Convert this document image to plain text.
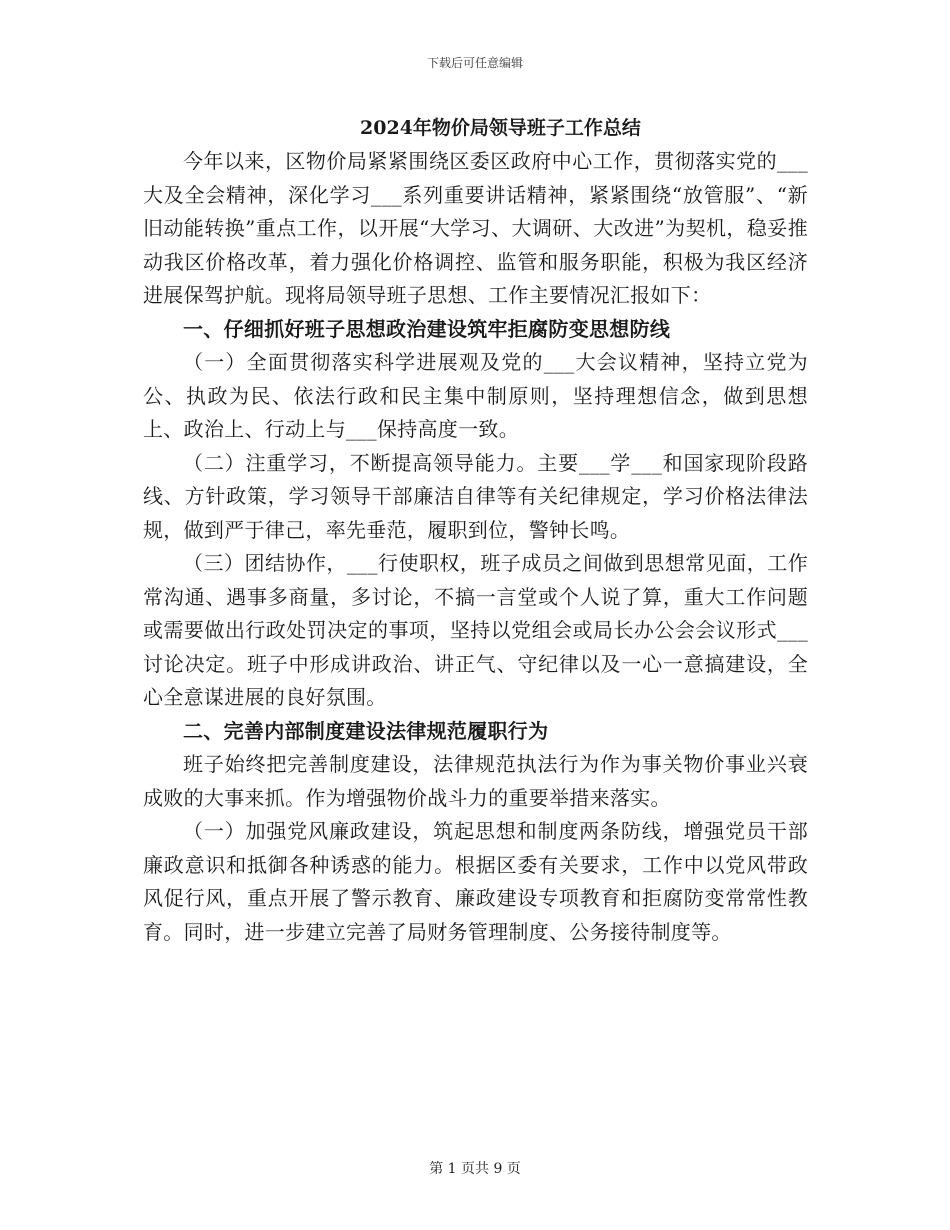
下载后可任意编辑
2024年物价局领导班子工作总结

今年以来，区物价局紧紧围绕区委区政府中心工作，贯彻落实党的___大及全会精神，深化学习___系列重要讲话精神，紧紧围绕“放管服”、“新旧动能转换”重点工作，以开展“大学习、大调研、大改进”为契机，稳妥推动我区价格改革，着力强化价格调控、监管和服务职能，积极为我区经济进展保驾护航。现将局领导班子思想、工作主要情况汇报如下：

一、仔细抓好班子思想政治建设筑牢拒腐防变思想防线

（一）全面贯彻落实科学进展观及党的___大会议精神，坚持立党为公、执政为民、依法行政和民主集中制原则，坚持理想信念，做到思想上、政治上、行动上与___保持高度一致。

（二）注重学习，不断提高领导能力。主要___学___和国家现阶段路线、方针政策，学习领导干部廉洁自律等有关纪律规定，学习价格法律法规，做到严于律己，率先垂范，履职到位，警钟长鸣。

（三）团结协作，___行使职权，班子成员之间做到思想常见面，工作常沟通、遇事多商量，多讨论，不搞一言堂或个人说了算，重大工作问题或需要做出行政处罚决定的事项，坚持以党组会或局长办公会会议形式___讨论决定。班子中形成讲政治、讲正气、守纪律以及一心一意搞建设，全心全意谋进展的良好氛围。

二、完善内部制度建设法律规范履职行为

班子始终把完善制度建设，法律规范执法行为作为事关物价事业兴衰成败的大事来抓。作为增强物价战斗力的重要举措来落实。

（一）加强党风廉政建设，筑起思想和制度两条防线，增强党员干部廉政意识和抵御各种诱惑的能力。根据区委有关要求，工作中以党风带政风促行风，重点开展了警示教育、廉政建设专项教育和拒腐防变常常性教育。同时，进一步建立完善了局财务管理制度、公务接待制度等。

第 1 页共 9 页
